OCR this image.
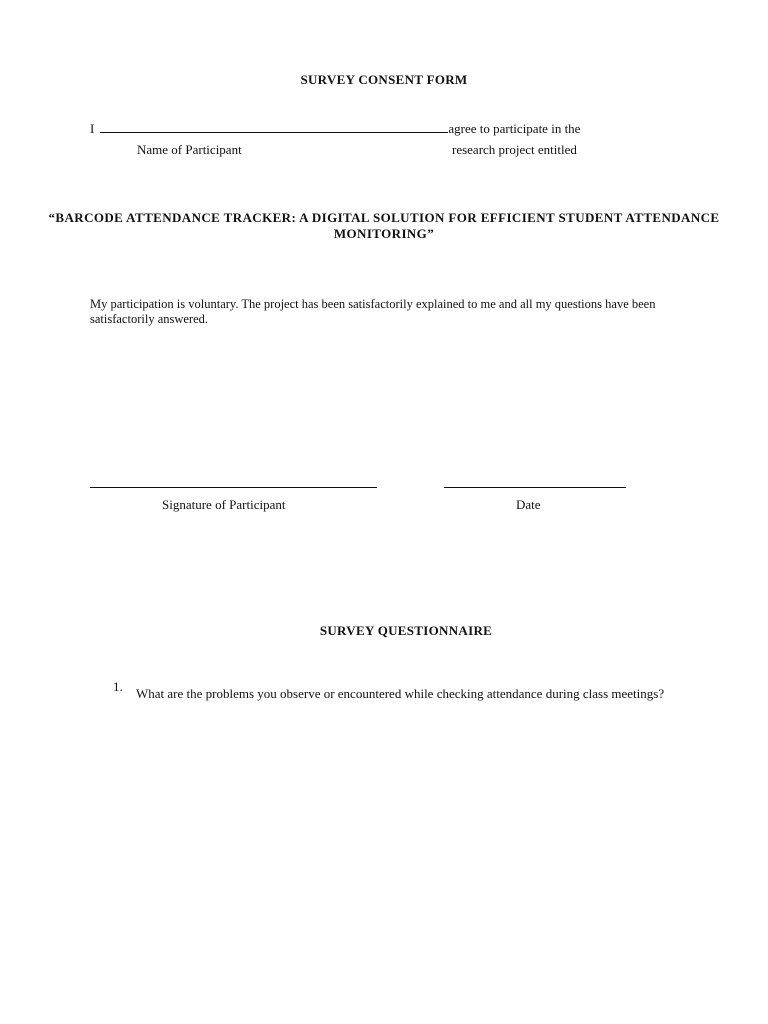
SURVEY CONSENT FORM
I	agree to participate in the
Name of Participant	research project entitled
“BARCODE ATTENDANCE TRACKER: A DIGITAL SOLUTION FOR EFFICIENT STUDENT ATTENDANCE MONITORING”
My participation is voluntary. The project has been satisfactorily explained to me and all my questions have been satisfactorily answered.
Signature of Participant	Date
SURVEY QUESTIONNAIRE
1. What are the problems you observe or encountered while checking attendance during class meetings?
